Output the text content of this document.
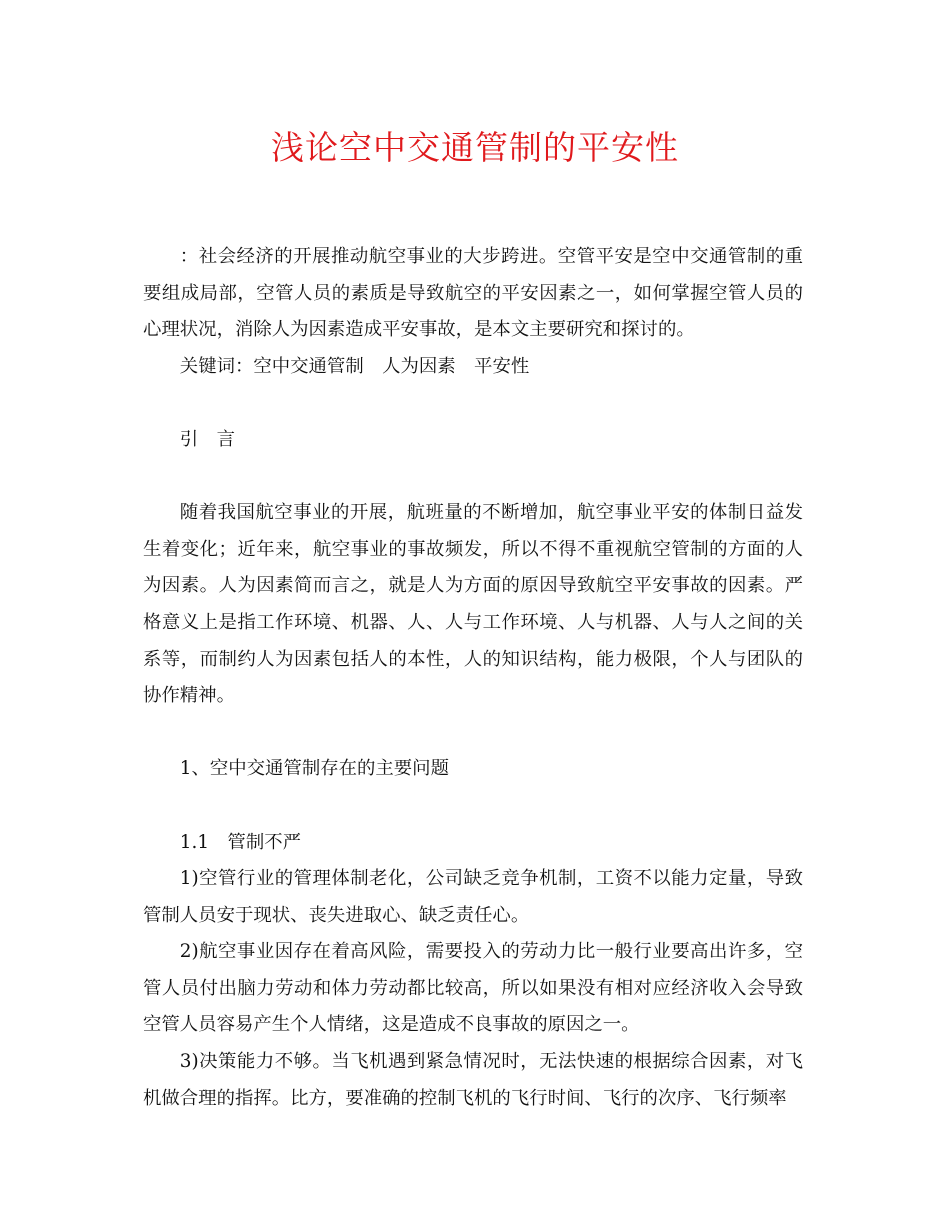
浅论空中交通管制的平安性

：社会经济的开展推动航空事业的大步跨进。空管平安是空中交通管制的重要组成局部，空管人员的素质是导致航空的平安因素之一，如何掌握空管人员的心理状况，消除人为因素造成平安事故，是本文主要研究和探讨的。

关键词：空中交通管制　人为因素　平安性

引　言

随着我国航空事业的开展，航班量的不断增加，航空事业平安的体制日益发生着变化；近年来，航空事业的事故频发，所以不得不重视航空管制的方面的人为因素。人为因素简而言之，就是人为方面的原因导致航空平安事故的因素。严格意义上是指工作环境、机器、人、人与工作环境、人与机器、人与人之间的关系等，而制约人为因素包括人的本性，人的知识结构，能力极限，个人与团队的协作精神。

1、空中交通管制存在的主要问题

1.1　管制不严

1)空管行业的管理体制老化，公司缺乏竞争机制，工资不以能力定量，导致管制人员安于现状、丧失进取心、缺乏责任心。

2)航空事业因存在着高风险，需要投入的劳动力比一般行业要高出许多，空管人员付出脑力劳动和体力劳动都比较高，所以如果没有相对应经济收入会导致空管人员容易产生个人情绪，这是造成不良事故的原因之一。

3)决策能力不够。当飞机遇到紧急情况时，无法快速的根据综合因素，对飞机做合理的指挥。比方，要准确的控制飞机的飞行时间、飞行的次序、飞行频率
